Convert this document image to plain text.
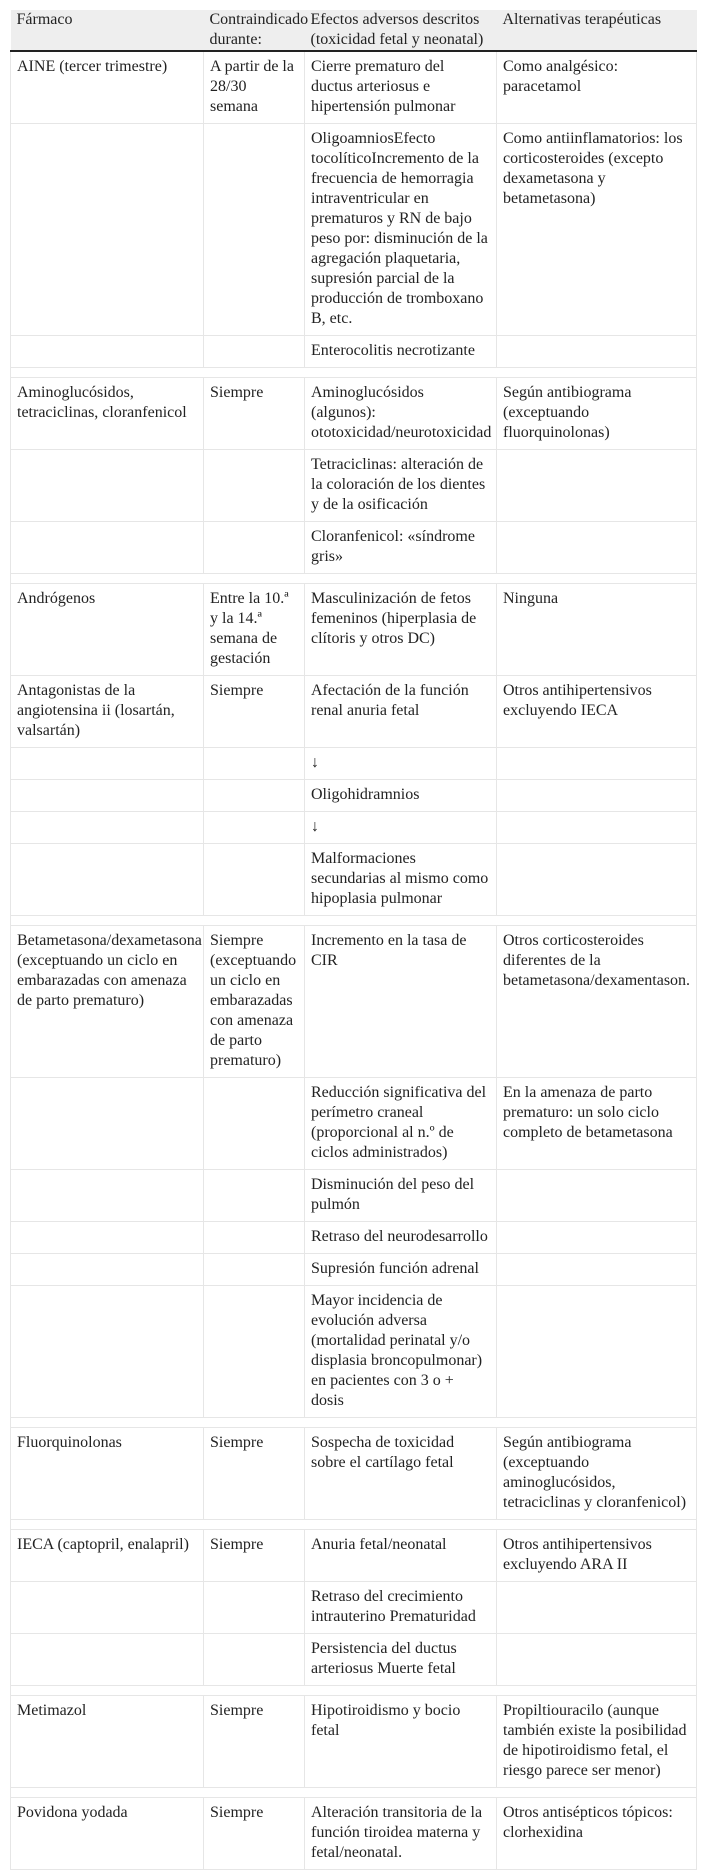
Fármaco	Contraindicado durante:	Efectos adversos descritos (toxicidad fetal y neonatal)	Alternativas terapéuticas
AINE (tercer trimestre)	A partir de la 28/30 semana	Cierre prematuro del ductus arteriosus e hipertensión pulmonar	Como analgésico: paracetamol
		OligoamniosEfecto tocolíticoIncremento de la frecuencia de hemorragia intraventricular en prematuros y RN de bajo peso por: disminución de la agregación plaquetaria, supresión parcial de la producción de tromboxano B, etc.	Como antiinflamatorios: los corticosteroides (excepto dexametasona y betametasona)
		Enterocolitis necrotizante	

Aminoglucósidos, tetraciclinas, cloranfenicol	Siempre	Aminoglucósidos (algunos): ototoxicidad/neurotoxicidad	Según antibiograma (exceptuando fluorquinolonas)
		Tetraciclinas: alteración de la coloración de los dientes y de la osificación	
		Cloranfenicol: «síndrome gris»	

Andrógenos	Entre la 10.ª y la 14.ª semana de gestación	Masculinización de fetos femeninos (hiperplasia de clítoris y otros DC)	Ninguna
Antagonistas de la angiotensina ii (losartán, valsartán)	Siempre	Afectación de la función renal anuria fetal	Otros antihipertensivos excluyendo IECA
		↓	
		Oligohidramnios	
		↓	
		Malformaciones secundarias al mismo como hipoplasia pulmonar	

Betametasona/dexametasona (exceptuando un ciclo en embarazadas con amenaza de parto prematuro)	Siempre (exceptuando un ciclo en embarazadas con amenaza de parto prematuro)	Incremento en la tasa de CIR	Otros corticosteroides diferentes de la betametasona/dexamentason.
		Reducción significativa del perímetro craneal (proporcional al n.º de ciclos administrados)	En la amenaza de parto prematuro: un solo ciclo completo de betametasona
		Disminución del peso del pulmón	
		Retraso del neurodesarrollo	
		Supresión función adrenal	
		Mayor incidencia de evolución adversa (mortalidad perinatal y/o displasia broncopulmonar) en pacientes con 3 o + dosis	

Fluorquinolonas	Siempre	Sospecha de toxicidad sobre el cartílago fetal	Según antibiograma (exceptuando aminoglucósidos, tetraciclinas y cloranfenicol)

IECA (captopril, enalapril)	Siempre	Anuria fetal/neonatal	Otros antihipertensivos excluyendo ARA II
		Retraso del crecimiento intrauterino Prematuridad	
		Persistencia del ductus arteriosus Muerte fetal	

Metimazol	Siempre	Hipotiroidismo y bocio fetal	Propiltiouracilo (aunque también existe la posibilidad de hipotiroidismo fetal, el riesgo parece ser menor)

Povidona yodada	Siempre	Alteración transitoria de la función tiroidea materna y fetal/neonatal.	Otros antisépticos tópicos: clorhexidina
